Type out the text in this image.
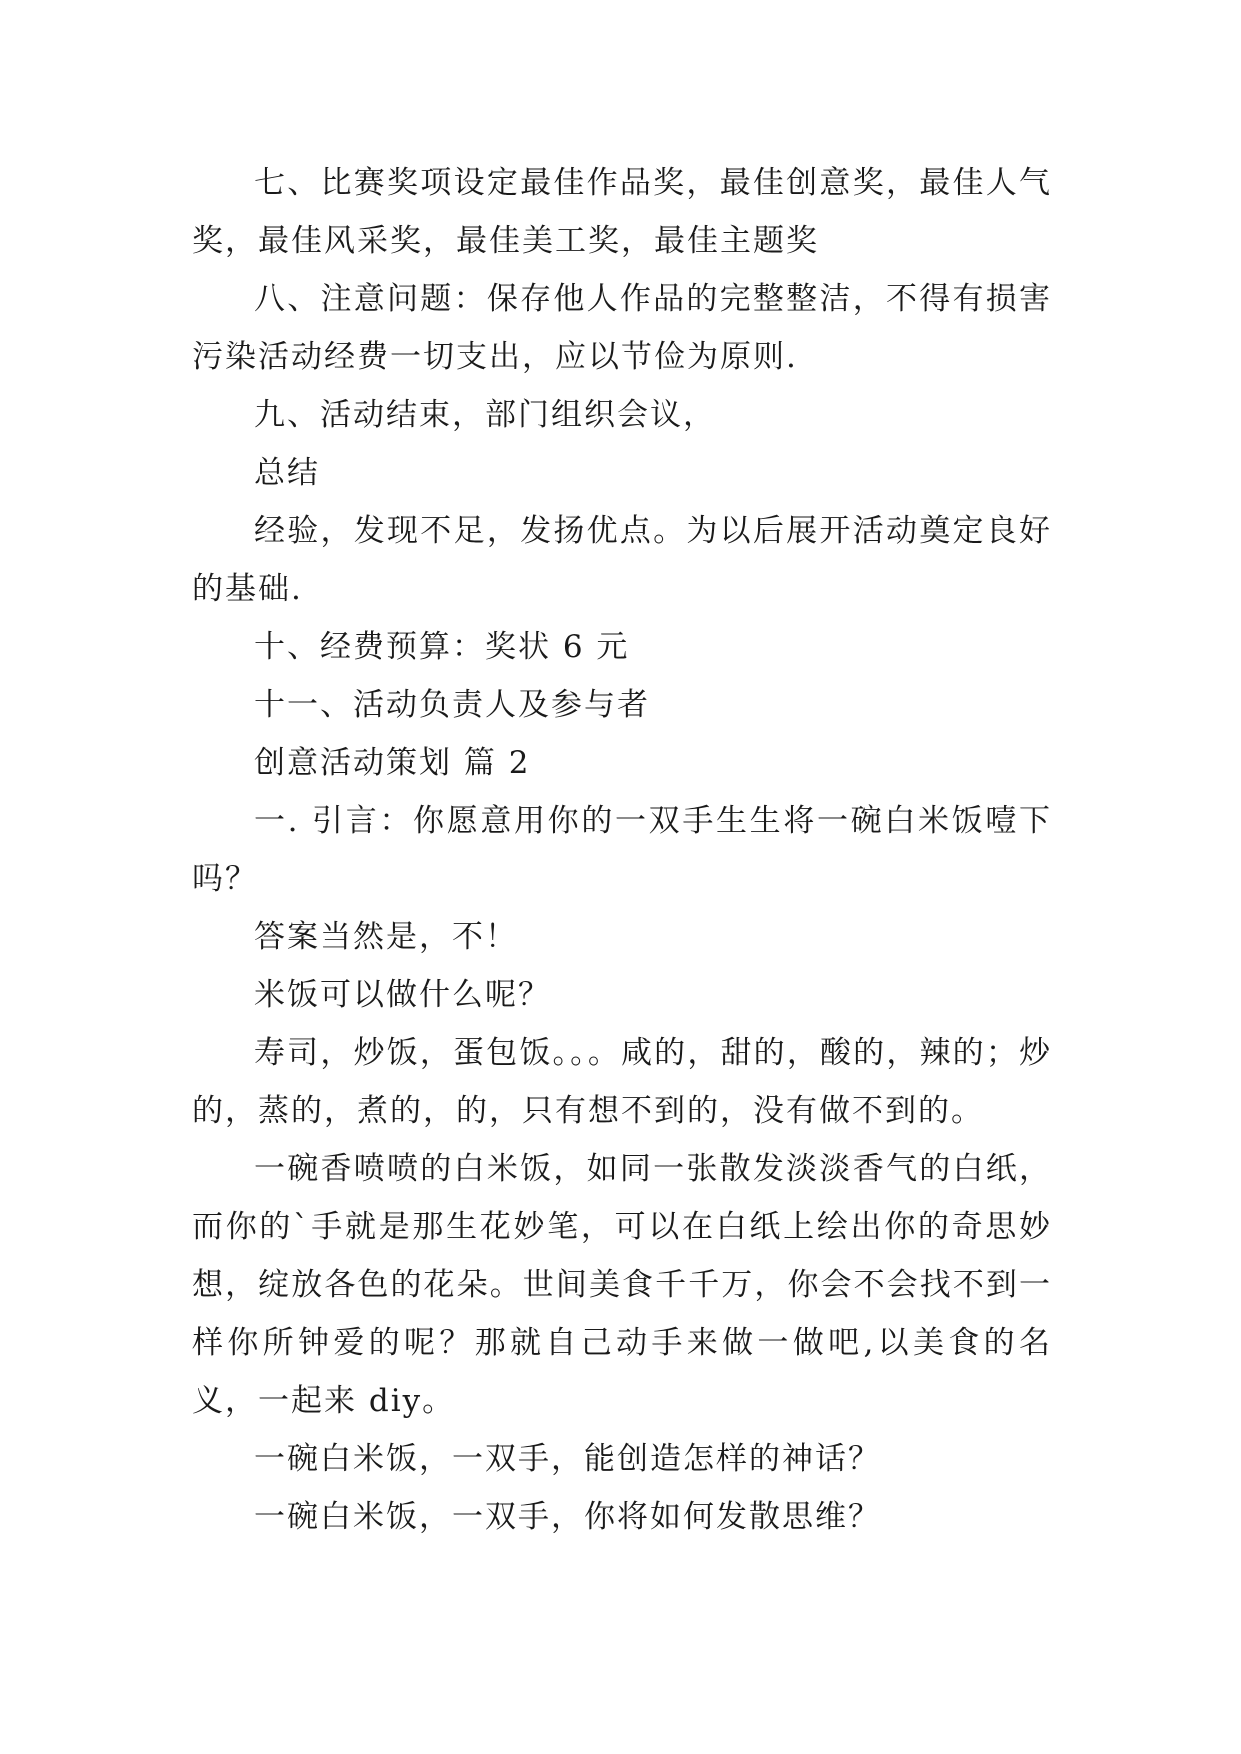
七、比赛奖项设定最佳作品奖，最佳创意奖，最佳人气奖，最佳风采奖，最佳美工奖，最佳主题奖

八、注意问题：保存他人作品的完整整洁，不得有损害污染活动经费一切支出，应以节俭为原则.

九、活动结束，部门组织会议，

总结

经验，发现不足，发扬优点。为以后展开活动奠定良好的基础.

十、经费预算：奖状 6 元

十一、活动负责人及参与者

创意活动策划 篇 2

一. 引言：你愿意用你的一双手生生将一碗白米饭噎下吗？

答案当然是，不！

米饭可以做什么呢？

寿司，炒饭，蛋包饭。。。咸的，甜的，酸的，辣的；炒的，蒸的，煮的，的，只有想不到的，没有做不到的。

一碗香喷喷的白米饭，如同一张散发淡淡香气的白纸，而你的`手就是那生花妙笔，可以在白纸上绘出你的奇思妙想，绽放各色的花朵。世间美食千千万，你会不会找不到一样你所钟爱的呢？那就自己动手来做一做吧,以美食的名义，一起来 diy。

一碗白米饭，一双手，能创造怎样的神话？

一碗白米饭，一双手，你将如何发散思维？
